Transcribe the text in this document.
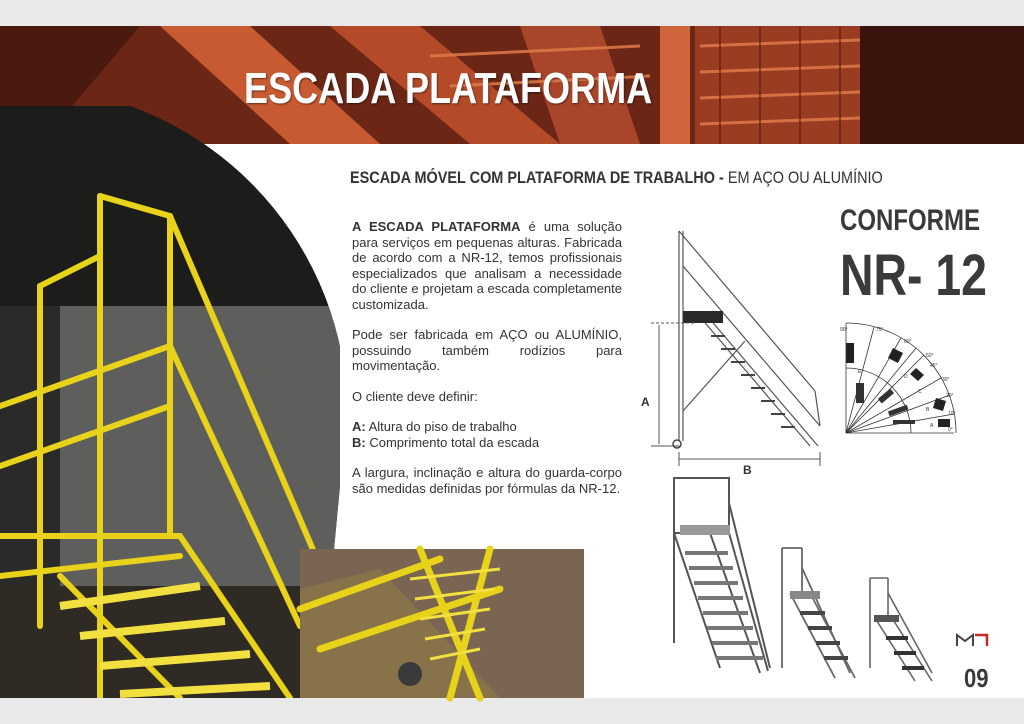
ESCADA PLATAFORMA
ESCADA MÓVEL COM PLATAFORMA DE TRABALHO - EM AÇO OU ALUMÍNIO

A ESCADA PLATAFORMA é uma solução para serviços em pequenas alturas. Fabricada de acordo com a NR-12, temos profissionais especializados que analisam a necessidade do cliente e projetam a escada completamente customizada.

Pode ser fabricada em AÇO ou ALUMÍNIO, possuindo também rodízios para movimentação.

O cliente deve definir:

A: Altura do piso de trabalho
B: Comprimento total da escada

A largura, inclinação e altura do guarda-corpo são medidas definidas por fórmulas da NR-12.

A
B
CONFORME
NR- 12
90°	75°
60°
50°
45°
30°
20°
10°
0°
A
B
C
D
E
09
